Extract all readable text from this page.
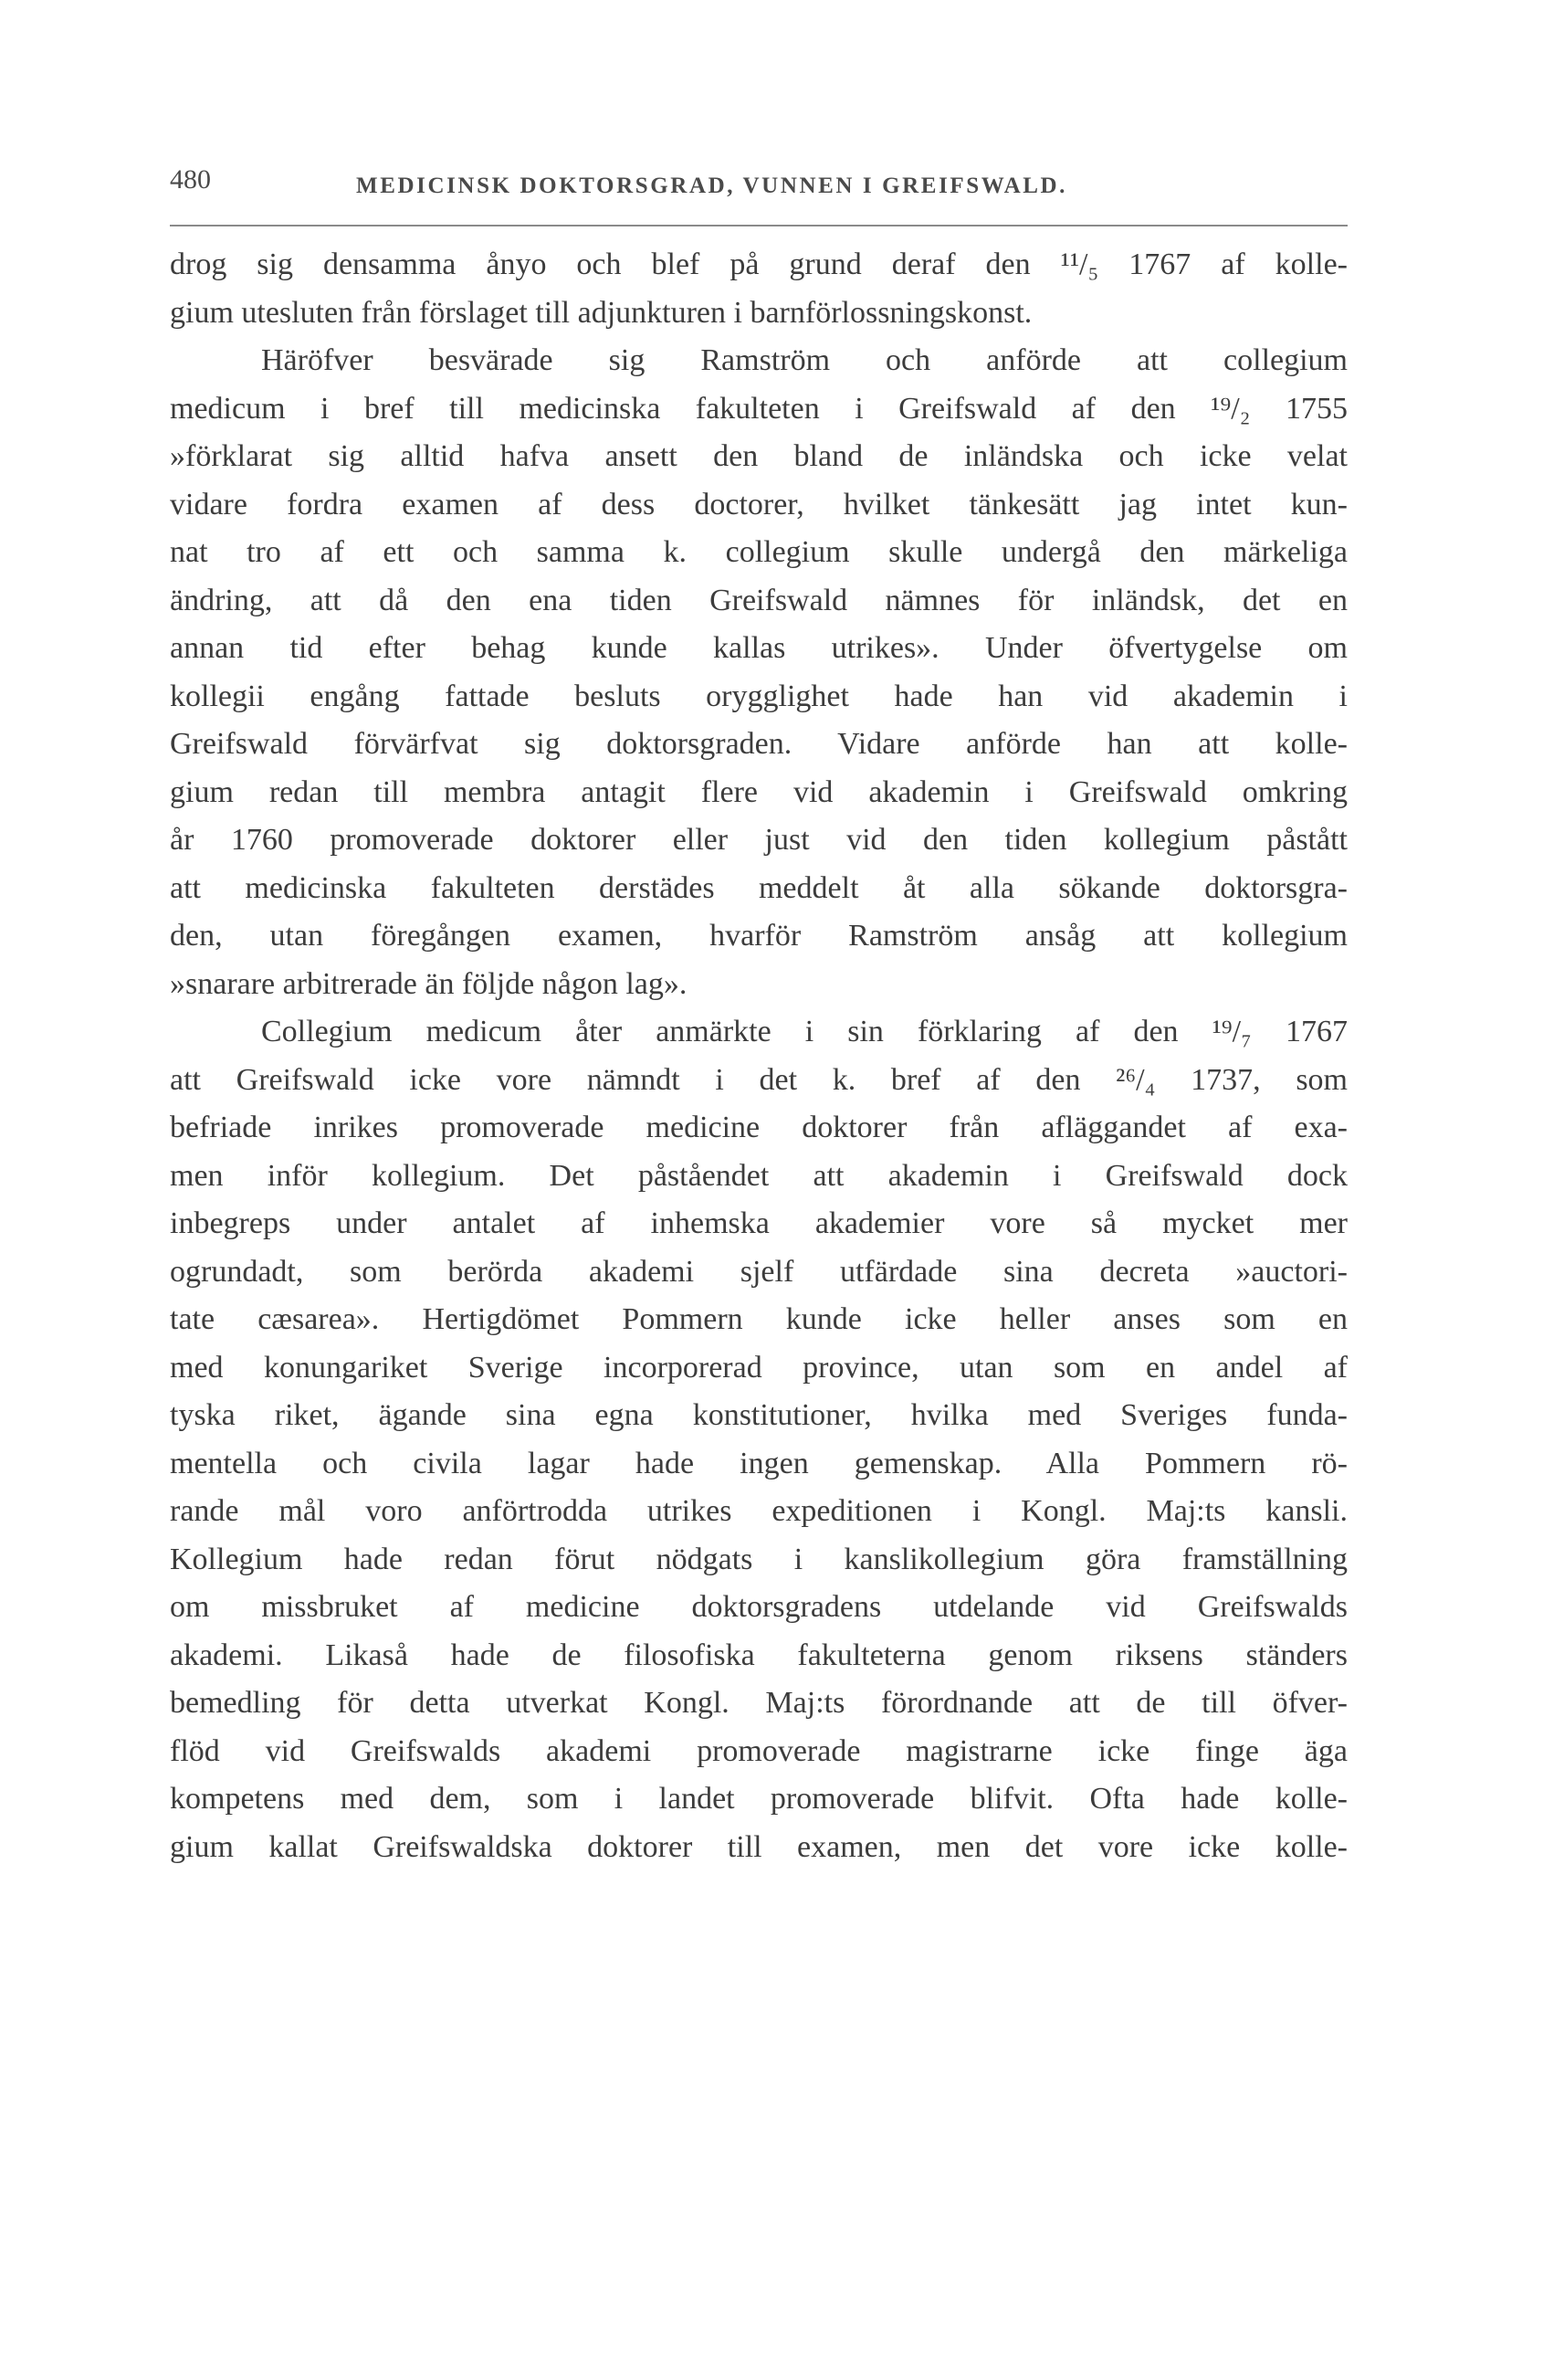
480	MEDICINSK DOKTORSGRAD, VUNNEN I GREIFSWALD.
drog sig densamma ånyo och blef på grund deraf den ¹¹/₅ 1767 af kolle-
gium utesluten från förslaget till adjunkturen i barnförlossningskonst.
Häröfver besvärade sig Ramström och anförde att collegium
medicum i bref till medicinska fakulteten i Greifswald af den ¹⁹/₂ 1755
»förklarat sig alltid hafva ansett den bland de inländska och icke velat
vidare fordra examen af dess doctorer, hvilket tänkesätt jag intet kun-
nat tro af ett och samma k. collegium skulle undergå den märkeliga
ändring, att då den ena tiden Greifswald nämnes för inländsk, det en
annan tid efter behag kunde kallas utrikes». Under öfvertygelse om
kollegii engång fattade besluts orygglighet hade han vid akademin i
Greifswald förvärfvat sig doktorsgraden. Vidare anförde han att kolle-
gium redan till membra antagit flere vid akademin i Greifswald omkring
år 1760 promoverade doktorer eller just vid den tiden kollegium påstått
att medicinska fakulteten derstädes meddelt åt alla sökande doktorsgra-
den, utan föregången examen, hvarför Ramström ansåg att kollegium
»snarare arbitrerade än följde någon lag».
Collegium medicum åter anmärkte i sin förklaring af den ¹⁹/₇ 1767
att Greifswald icke vore nämndt i det k. bref af den ²⁶/₄ 1737, som
befriade inrikes promoverade medicine doktorer från afläggandet af exa-
men inför kollegium. Det påståendet att akademin i Greifswald dock
inbegreps under antalet af inhemska akademier vore så mycket mer
ogrundadt, som berörda akademi sjelf utfärdade sina decreta »auctori-
tate cæsarea». Hertigdömet Pommern kunde icke heller anses som en
med konungariket Sverige incorporerad province, utan som en andel af
tyska riket, ägande sina egna konstitutioner, hvilka med Sveriges funda-
mentella och civila lagar hade ingen gemenskap. Alla Pommern rö-
rande mål voro anförtrodda utrikes expeditionen i Kongl. Maj:ts kansli.
Kollegium hade redan förut nödgats i kanslikollegium göra framställning
om missbruket af medicine doktorsgradens utdelande vid Greifswalds
akademi. Likaså hade de filosofiska fakulteterna genom riksens ständers
bemedling för detta utverkat Kongl. Maj:ts förordnande att de till öfver-
flöd vid Greifswalds akademi promoverade magistrarne icke finge äga
kompetens med dem, som i landet promoverade blifvit. Ofta hade kolle-
gium kallat Greifswaldska doktorer till examen, men det vore icke kolle-
